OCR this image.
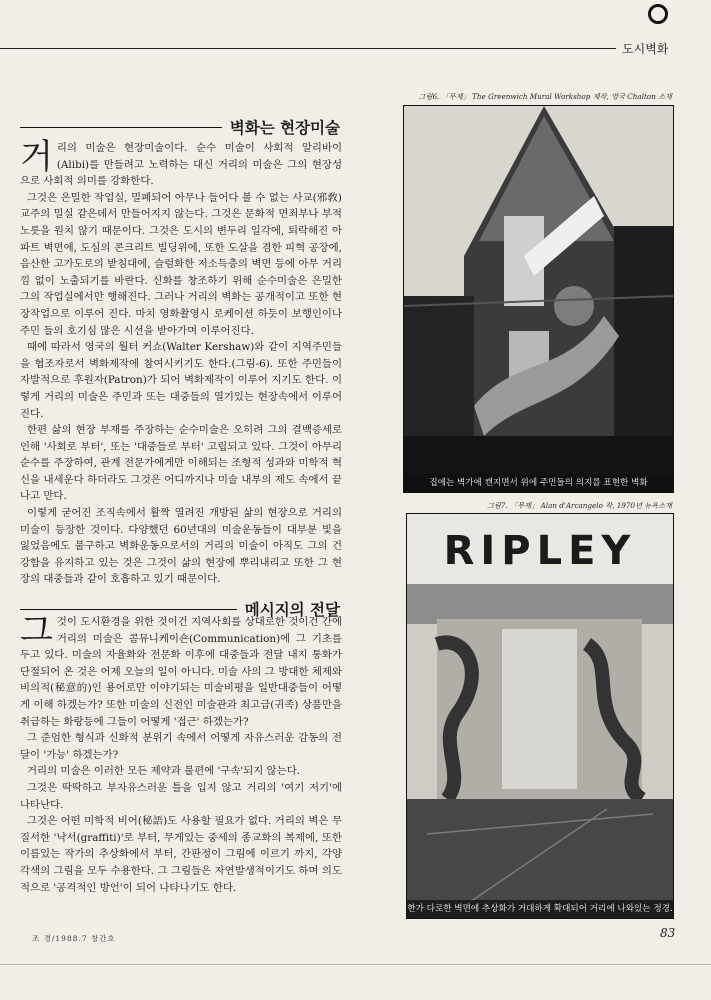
도시벽화
벽화는 현장미술

거리의 미술은 현장미술이다. 순수 미술이 사회적 알리바이(Alibi)를 만들려고 노력하는 대신 거리의 미술은 그의 현장성으로 사회적 의미를 강화한다.

그것은 은밀한 작업실, 밀폐되어 아무나 들어다 볼 수 없는 사교(邪敎) 교주의 밀실 같은데서 만들어지지 않는다. 그것은 문화적 면죄부나 부적 노릇을 원치 않기 때문이다. 그것은 도시의 변두리 일각에, 퇴락해진 아파트 벽면에, 도심의 콘크리트 빌딩위에, 또한 도살을 겸한 피혁 공장에, 음산한 고가도로의 받침대에, 슬럼화한 저소득층의 벽면 등에 아무 거리낌 없이 노출되기를 바란다. 신화를 창조하기 위해 순수미술은 은밀한 그의 작업실에서만 행해진다. 그러나 거리의 벽화는 공개적이고 또한 현장작업으로 이루어 진다. 마치 영화촬영시 로케이션 하듯이 보행인이나 주민 들의 호기심 많은 시선을 받아가며 이루어진다.

때에 따라서 영국의 월터 커쇼(Walter Kershaw)와 같이 지역주민들을 협조자로서 벽화제작에 참여시키기도 한다.(그림-6). 또한 주민들이 자발적으로 후원자(Patron)가 되어 벽화제작이 이루어 지기도 한다. 이렇게 거리의 미술은 주민과 또는 대중들의 열기있는 현장속에서 이루어 진다.

한편 삶의 현장 부재를 주장하는 순수미술은 오히려 그의 결백증세로 인해 '사회로 부터', 또는 '대중들로 부터' 고립되고 있다. 그것이 아무리 순수를 주장하여, 관계 전문가에게만 이해되는 조형적 성과와 미학적 혁신을 내세운다 하더라도 그것은 어디까지나 미술 내부의 제도 속에서 끝나고 만다.

이렇게 굳어진 조직속에서 활짝 열려진 개방된 삶의 현장으로 거리의 미술이 등장한 것이다. 다양했던 60년대의 미술운동들이 대부분 빛을 잃었음에도 불구하고 벽화운동으로서의 거리의 미술이 아직도 그의 건강함을 유지하고 있는 것은 그것이 삶의 현장에 뿌리내리고 또한 그 현장의 대중들과 같이 호흡하고 있기 때문이다.

메시지의 전달

그것이 도시환경을 위한 것이건 지역사회를 상대로한 것이건 간에 거리의 미술은 콤뮤니케이숀(Communication)에 그 기초를 두고 있다. 미술의 자율화와 전문화 이후에 대중들과 전달 내지 통화가 단절되어 온 것은 어제 오늘의 일이 아니다. 미술 사의 그 방대한 체제와 비의적(秘意的)인 용어로만 이야기되는 미술비평을 일반대중들이 어떻게 이해 하겠는가? 또한 미술의 신전인 미술관과 최고급(귀족) 상품만을 취급하는 화랑등에 그들이 어떻게 '접근' 하겠는가?

그 준엄한 형식과 신화적 분위기 속에서 어떻게 자유스러운 감동의 전달이 '가능' 하겠는가?

거리의 미술은 이러한 모든 제약과 불편에 '구속'되지 않는다.

그것은 딱딱하고 부자유스러운 틀을 입지 않고 거리의 '여기 저기'에 나타난다.

그것은 어떤 미학적 비어(秘語)도 사용할 필요가 없다. 거리의 벽은 무질서한 '낙서(graffiti)'로 부터, 무게있는 중세의 종교화의 복제에, 또한 이름있는 작가의 추상화에서 부터, 간판정이 그림에 이르기 까지, 각양각색의 그림을 모두 수용한다. 그 그림들은 자연발생적이기도 하며 의도적으로 '공격적인 방언'이 되어 나타나기도 한다.

그림6. 「무제」 The Greenwich Mural Workshop 제작, 영국 Chalton 소재
집에는 벽가에 캔지면서 위에 주민들의 의지를 표현한 벽화
그림7. 「무제」 Alan d'Arcangelo 작, 1970년 뉴욕소재
RIPLEY
한가 다로한 벽면에 추상화가 거대하게 확대되어 거리에 나와있는 정경.
조 경/1988.7 창간호	83
